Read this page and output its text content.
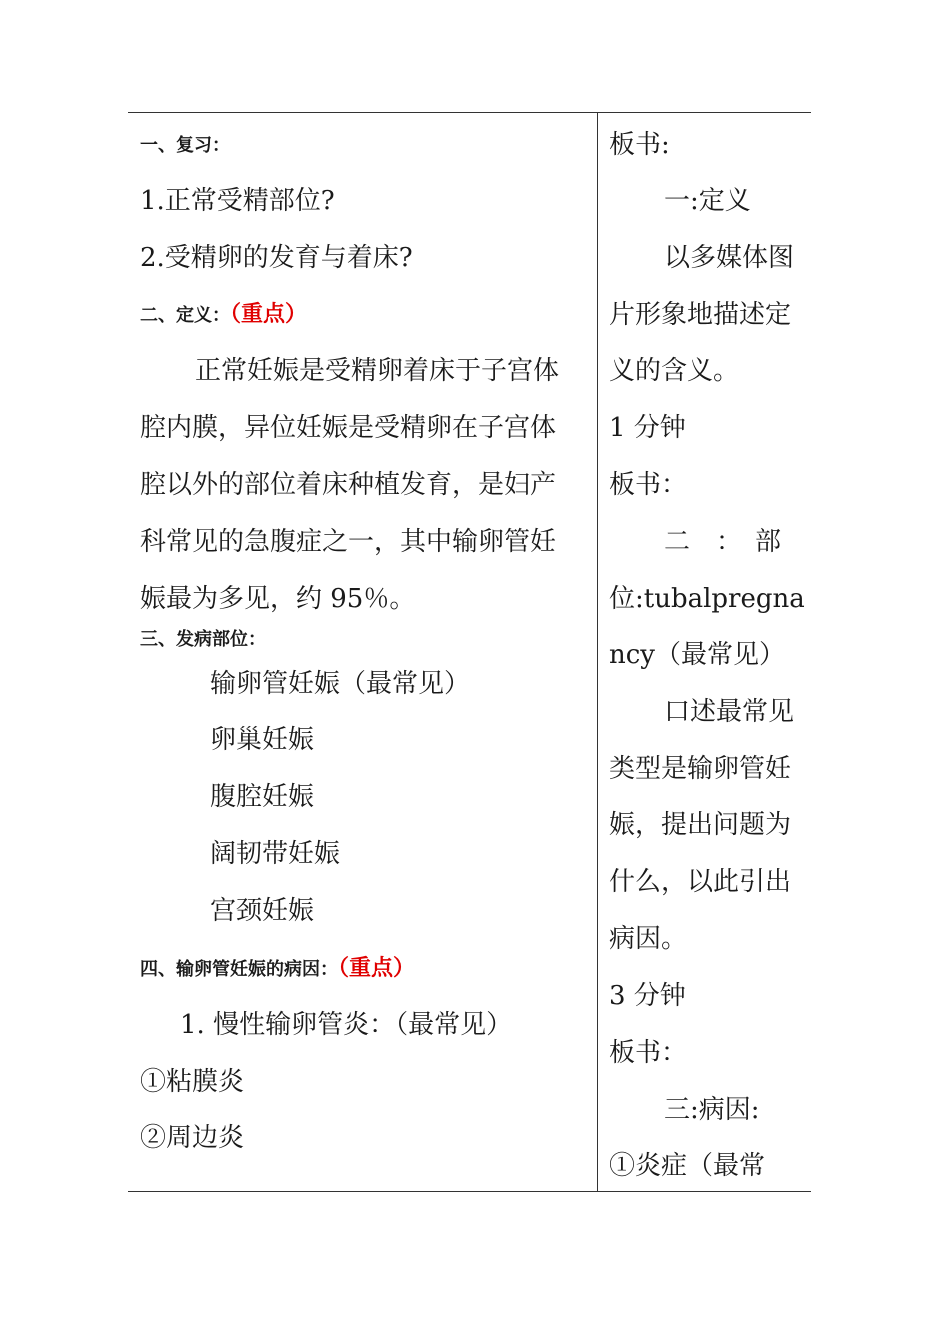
一、复习：
1.正常受精部位?
2.受精卵的发育与着床?
二、定义：（重点）
正常妊娠是受精卵着床于子宫体
腔内膜，异位妊娠是受精卵在子宫体
腔以外的部位着床种植发育，是妇产
科常见的急腹症之一，其中输卵管妊
娠最为多见，约 95％。
三、发病部位：
输卵管妊娠（最常见）
卵巢妊娠
腹腔妊娠
阔韧带妊娠
宫颈妊娠
四、输卵管妊娠的病因：（重点）
1. 慢性输卵管炎：（最常见）
①粘膜炎
②周边炎
板书:
一:定义
以多媒体图
片形象地描述定
义的含义。
1 分钟
板书：
二　：　部
位:tubalpregna
ncy（最常见）
口述最常见
类型是输卵管妊
娠，提出问题为
什么，以此引出
病因。
3 分钟
板书：
三:病因:
①炎症（最常
